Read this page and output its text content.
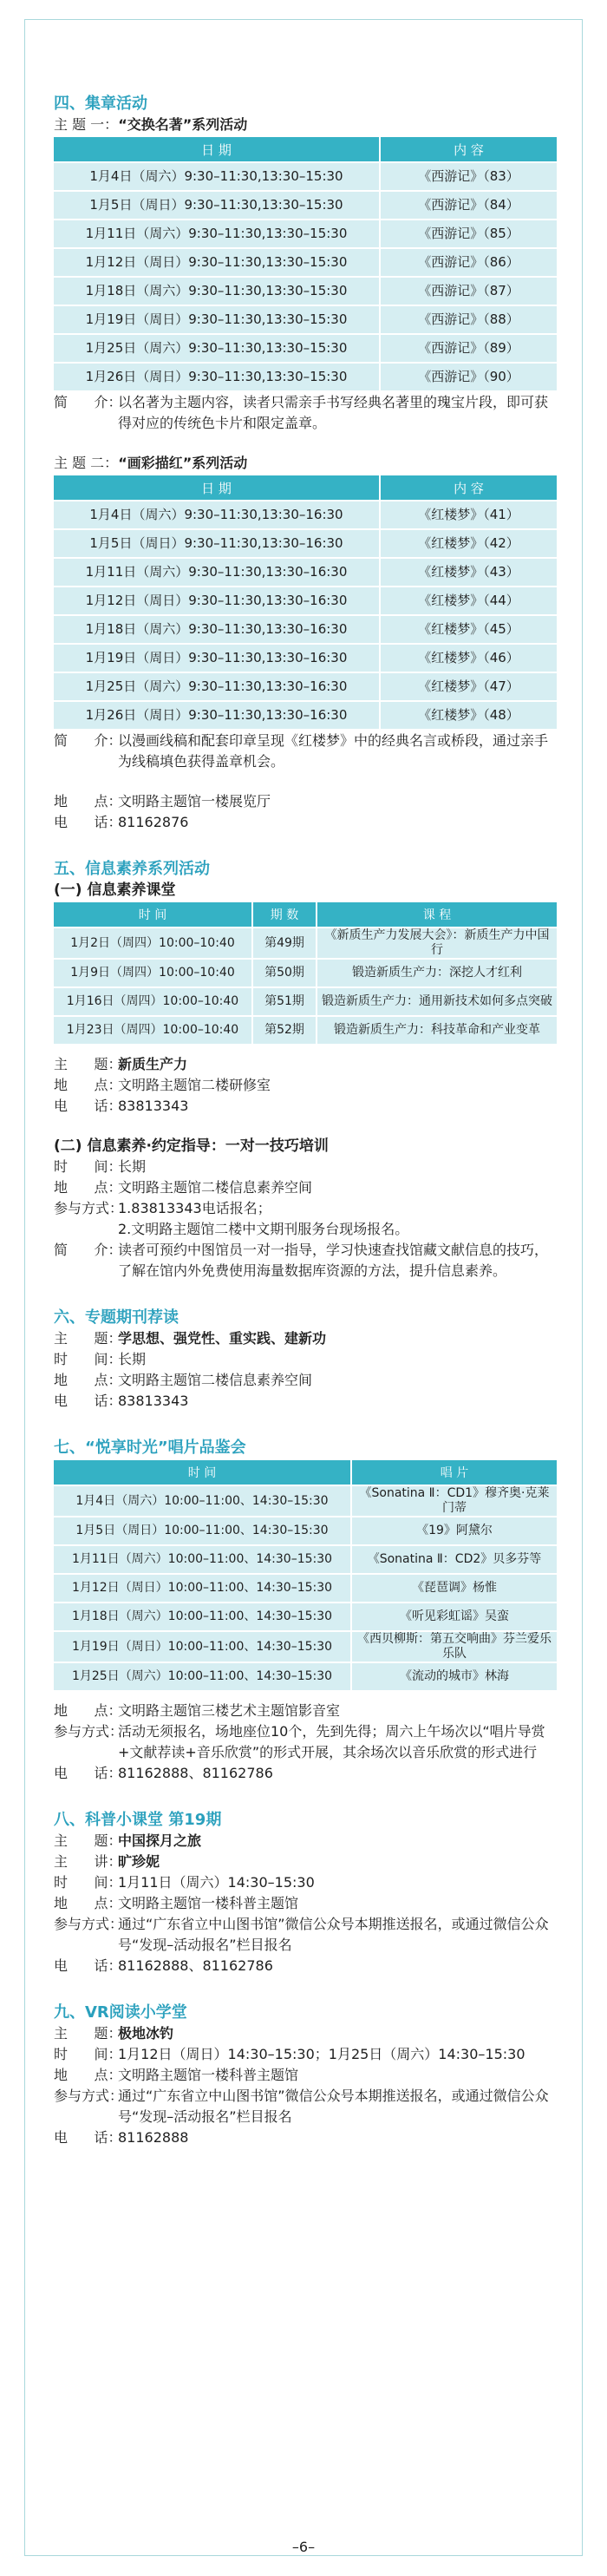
四、集章活动

主 题 一：“交换名著”系列活动

日 期	内 容
1月4日（周六）9:30–11:30,13:30–15:30	《西游记》（83）
1月5日（周日）9:30–11:30,13:30–15:30	《西游记》（84）
1月11日（周六）9:30–11:30,13:30–15:30	《西游记》（85）
1月12日（周日）9:30–11:30,13:30–15:30	《西游记》（86）
1月18日（周六）9:30–11:30,13:30–15:30	《西游记》（87）
1月19日（周日）9:30–11:30,13:30–15:30	《西游记》（88）
1月25日（周六）9:30–11:30,13:30–15:30	《西游记》（89）
1月26日（周日）9:30–11:30,13:30–15:30	《西游记》（90）
简      介：
以名著为主题内容，读者只需亲手书写经典名著里的瑰宝片段，即可获得对应的传统色卡片和限定盖章。

主 题 二：“画彩描红”系列活动

日 期	内 容
1月4日（周六）9:30–11:30,13:30–16:30	《红楼梦》（41）
1月5日（周日）9:30–11:30,13:30–16:30	《红楼梦》（42）
1月11日（周六）9:30–11:30,13:30–16:30	《红楼梦》（43）
1月12日（周日）9:30–11:30,13:30–16:30	《红楼梦》（44）
1月18日（周六）9:30–11:30,13:30–16:30	《红楼梦》（45）
1月19日（周日）9:30–11:30,13:30–16:30	《红楼梦》（46）
1月25日（周六）9:30–11:30,13:30–16:30	《红楼梦》（47）
1月26日（周日）9:30–11:30,13:30–16:30	《红楼梦》（48）
简      介：
以漫画线稿和配套印章呈现《红楼梦》中的经典名言或桥段，通过亲手为线稿填色获得盖章机会。
地      点：
文明路主题馆一楼展览厅
电      话：
81162876

五、信息素养系列活动

(一) 信息素养课堂

时 间	期 数	课 程
1月2日（周四）10:00–10:40	第49期	《新质生产力发展大会》：新质生产力中国行
1月9日（周四）10:00–10:40	第50期	锻造新质生产力：深挖人才红利
1月16日（周四）10:00–10:40	第51期	锻造新质生产力：通用新技术如何多点突破
1月23日（周四）10:00–10:40	第52期	锻造新质生产力：科技革命和产业变革
主      题：
新质生产力
地      点：
文明路主题馆二楼研修室
电      话：
83813343

(二) 信息素养·约定指导：一对一技巧培训

时      间：
长期
地      点：
文明路主题馆二楼信息素养空间
参与方式：
1.83813343电话报名；
2.文明路主题馆二楼中文期刊服务台现场报名。
简      介：
读者可预约中图馆员一对一指导，学习快速查找馆藏文献信息的技巧，了解在馆内外免费使用海量数据库资源的方法，提升信息素养。

六、专题期刊荐读

主      题：
学思想、强党性、重实践、建新功
时      间：
长期
地      点：
文明路主题馆二楼信息素养空间
电      话：
83813343

七、“悦享时光”唱片品鉴会

时 间	唱 片
1月4日（周六）10:00–11:00、14:30–15:30	《Sonatina Ⅱ：CD1》穆齐奥·克莱门蒂
1月5日（周日）10:00–11:00、14:30–15:30	《19》阿黛尔
1月11日（周六）10:00–11:00、14:30–15:30	《Sonatina Ⅱ：CD2》贝多芬等
1月12日（周日）10:00–11:00、14:30–15:30	《琵琶调》杨惟
1月18日（周六）10:00–11:00、14:30–15:30	《听见彩虹谣》吴蛮
1月19日（周日）10:00–11:00、14:30–15:30	《西贝柳斯：第五交响曲》芬兰爱乐乐队
1月25日（周六）10:00–11:00、14:30–15:30	《流动的城市》林海
地      点：
文明路主题馆三楼艺术主题馆影音室
参与方式：
活动无须报名，场地座位10个，先到先得；周六上午场次以“唱片导赏+文献荐读+音乐欣赏”的形式开展，其余场次以音乐欣赏的形式进行
电      话：
81162888、81162786

八、科普小课堂 第19期

主      题：
中国探月之旅
主      讲：
旷珍妮
时      间：
1月11日（周六）14:30–15:30
地      点：
文明路主题馆一楼科普主题馆
参与方式：
通过“广东省立中山图书馆”微信公众号本期推送报名，或通过微信公众号“发现–活动报名”栏目报名
电      话：
81162888、81162786

九、VR阅读小学堂

主      题：
极地冰钓
时      间：
1月12日（周日）14:30–15:30；1月25日（周六）14:30–15:30
地      点：
文明路主题馆一楼科普主题馆
参与方式：
通过“广东省立中山图书馆”微信公众号本期推送报名，或通过微信公众号“发现–活动报名”栏目报名
电      话：
81162888
–6–
